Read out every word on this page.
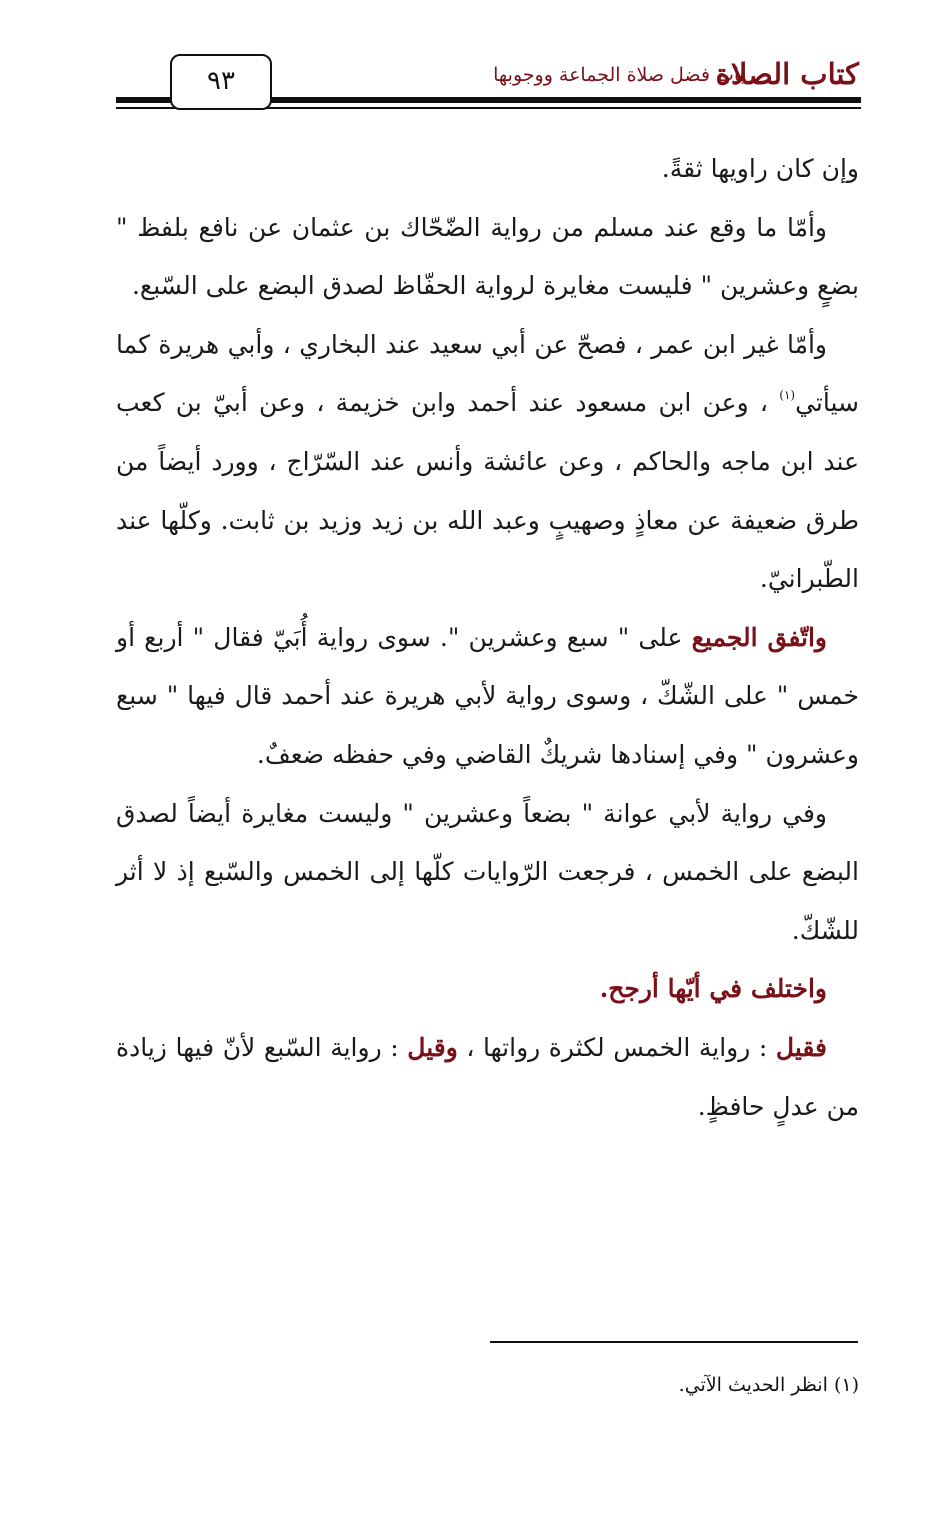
كتاب الصلاة
باب فضل صلاة الجماعة ووجوبها
٩٣

وإن كان راويها ثقةً.

وأمّا ما وقع عند مسلم من رواية الضّحّاك بن عثمان عن نافع بلفظ " بضعٍ وعشرين " فليست مغايرة لرواية الحفّاظ لصدق البضع على السّبع.

وأمّا غير ابن عمر ، فصحّ عن أبي سعيد عند البخاري ، وأبي هريرة كما سيأتي$^{(١)}$ ، وعن ابن مسعود عند أحمد وابن خزيمة ، وعن أبيّ بن كعب عند ابن ماجه والحاكم ، وعن عائشة وأنس عند السّرّاج ، وورد أيضاً من طرق ضعيفة عن معاذٍ وصهيبٍ وعبد الله بن زيد وزيد بن ثابت. وكلّها عند الطّبرانيّ.

واتّفق الجميع على " سبع وعشرين ". سوى رواية أُبَيّ فقال " أربع أو خمس " على الشّكّ ، وسوى رواية لأبي هريرة عند أحمد قال فيها " سبع وعشرون " وفي إسنادها شريكٌ القاضي وفي حفظه ضعفٌ.

وفي رواية لأبي عوانة " بضعاً وعشرين " وليست مغايرة أيضاً لصدق البضع على الخمس ، فرجعت الرّوايات كلّها إلى الخمس والسّبع إذ لا أثر للشّكّ.

واختلف في أيّها أرجح.

فقيل : رواية الخمس لكثرة رواتها ، وقيل : رواية السّبع لأنّ فيها زيادة من عدلٍ حافظٍ.

(١) انظر الحديث الآتي.
